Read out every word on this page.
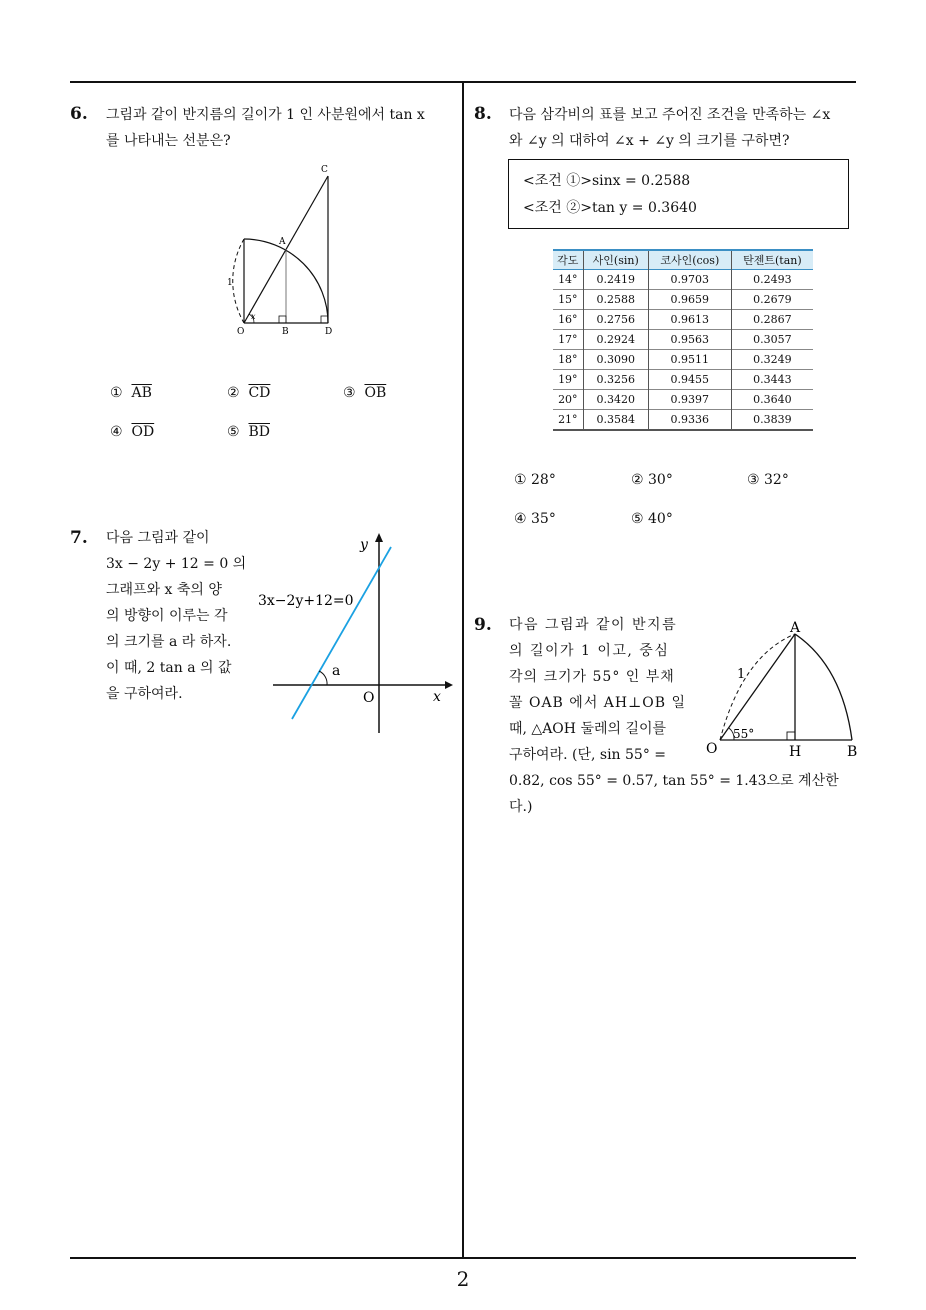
6. 그림과 같이 반지름의 길이가 1 인 사분원에서 tan x
를 나타내는 선분은?
C
A
1
x
O	B	D
① $\overline{AB}$	② $\overline{CD}$	③ $\overline{OB}$
④ $\overline{OD}$	⑤ $\overline{BD}$
7. 다음 그림과 같이
3x − 2y + 12 = 0 의
그래프와 x 축의 양
의 방향이 이루는 각
의 크기를 a 라 하자.
이 때, 2 tan a 의 값
을 구하여라.
y
x
O
a
3x−2y+12=0
8. 다음 삼각비의 표를 보고 주어진 조건을 만족하는 ∠x
와 ∠y 의 대하여 ∠x + ∠y 의 크기를 구하면?
<조건 ①>sinx = 0.2588
<조건 ②>tan y = 0.3640
각도	사인(sin)	코사인(cos)	탄젠트(tan)
14°	0.2419	0.9703	0.2493
15°	0.2588	0.9659	0.2679
16°	0.2756	0.9613	0.2867
17°	0.2924	0.9563	0.3057
18°	0.3090	0.9511	0.3249
19°	0.3256	0.9455	0.3443
20°	0.3420	0.9397	0.3640
21°	0.3584	0.9336	0.3839
① 28°	② 30°	③ 32°
④ 35°	⑤ 40°
9. 다음 그림과 같이 반지름
의 길이가 1 이고, 중심
각의 크기가 55° 인 부채
꼴 OAB 에서 AH⊥OB 일
때, △AOH 둘레의 길이를
구하여라. (단, sin 55° =
0.82, cos 55° = 0.57, tan 55° = 1.43으로 계산한
다.)
A
1
O
55°
H	B
2
